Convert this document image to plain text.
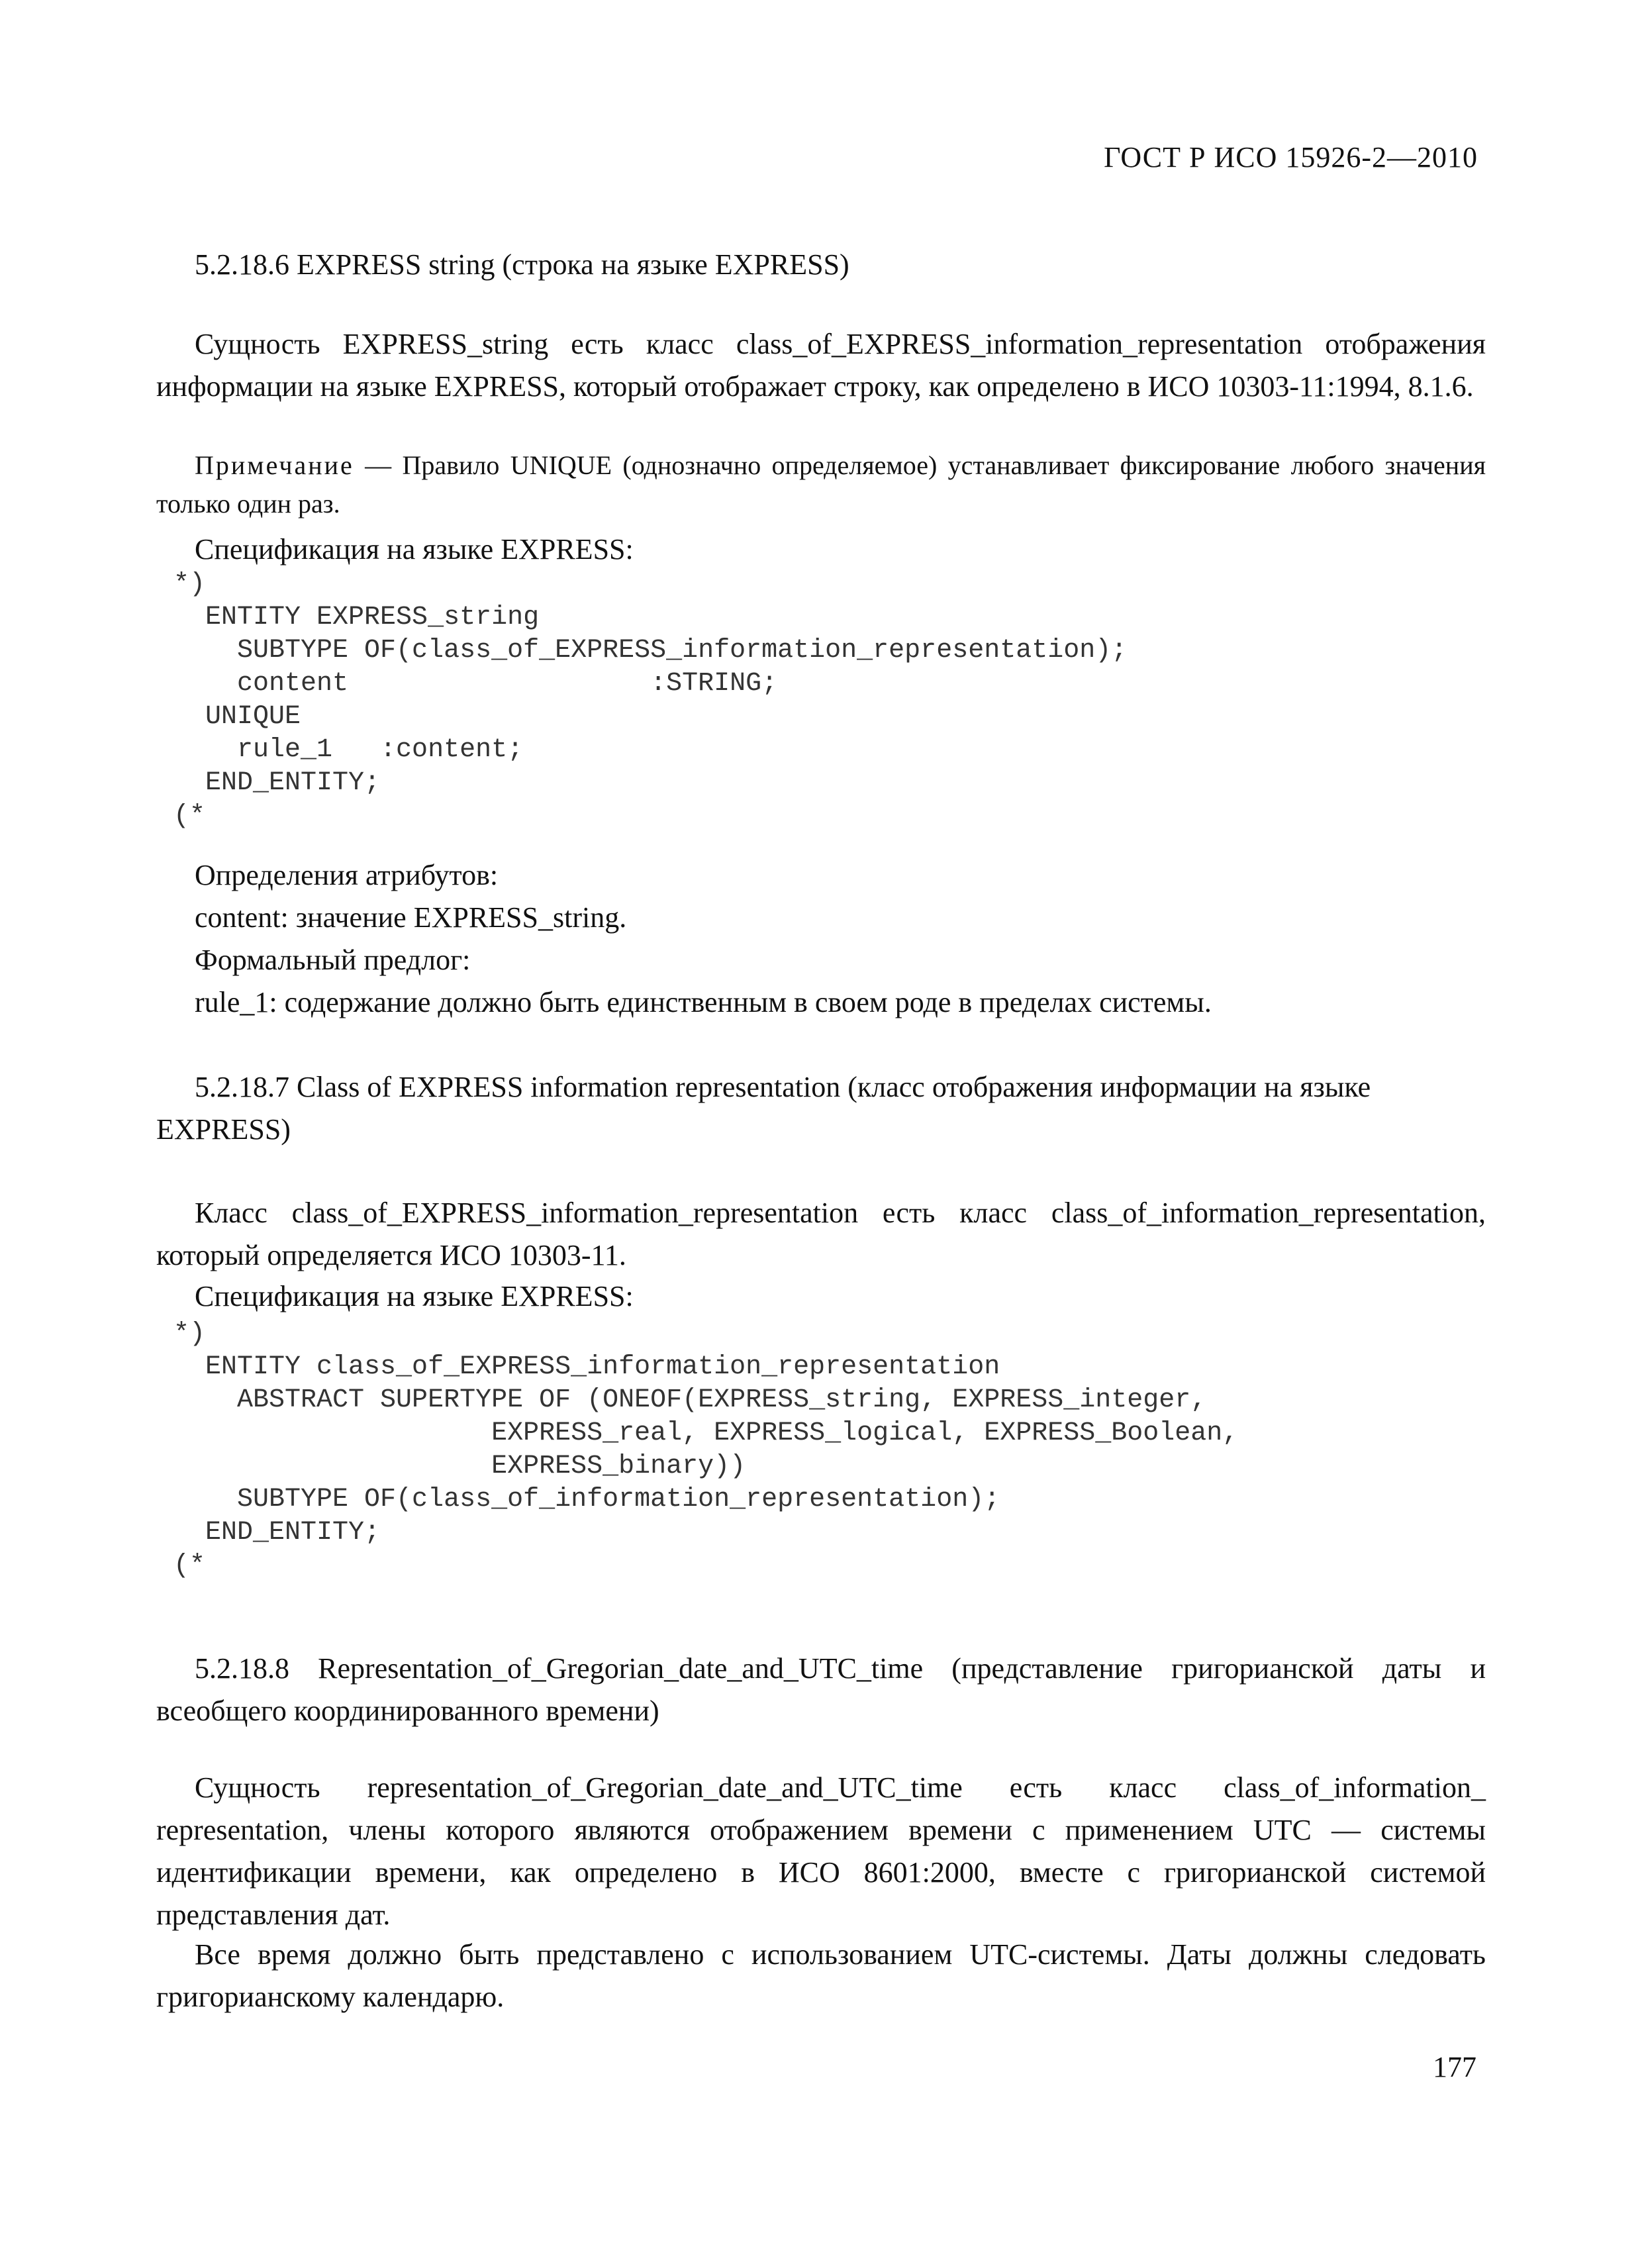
ГОСТ Р ИСО 15926-2—2010

5.2.18.6 EXPRESS string (строка на языке EXPRESS)

Сущность EXPRESS_string есть класс class_of_EXPRESS_information_representation отображения информации на языке EXPRESS, который отображает строку, как определено в ИСО 10303-11:1994, 8.1.6.

Примечание — Правило UNIQUE (однозначно определяемое) устанавливает фиксирование любого значения только один раз.

Спецификация на языке EXPRESS:

*)
ENTITY EXPRESS_string
SUBTYPE OF(class_of_EXPRESS_information_representation);
content                   :STRING;
UNIQUE
rule_1   :content;
END_ENTITY;
(*
Определения атрибутов:
content: значение EXPRESS_string.
Формальный предлог:
rule_1: содержание должно быть единственным в своем роде в пределах системы.
5.2.18.7 Class of EXPRESS information representation (класс отображения информации на языке
EXPRESS)

Класс class_of_EXPRESS_information_representation есть класс class_of_information_representation, который определяется ИСО 10303-11.

Спецификация на языке EXPRESS:

*)
ENTITY class_of_EXPRESS_information_representation
ABSTRACT SUPERTYPE OF (ONEOF(EXPRESS_string, EXPRESS_integer,
EXPRESS_real, EXPRESS_logical, EXPRESS_Boolean,
EXPRESS_binary))
SUBTYPE OF(class_of_information_representation);
END_ENTITY;
(*

5.2.18.8 Representation_of_Gregorian_date_and_UTC_time (представление григорианской даты и всеобщего координированного времени)

Сущность representation_of_Gregorian_date_and_UTC_time есть класс class_of_information_ representation, члены которого являются отображением времени с применением UTC — системы идентификации времени, как определено в ИСО 8601:2000, вместе с григорианской системой представления дат.

Все время должно быть представлено с использованием UTC-системы. Даты должны следовать григорианскому календарю.

177
